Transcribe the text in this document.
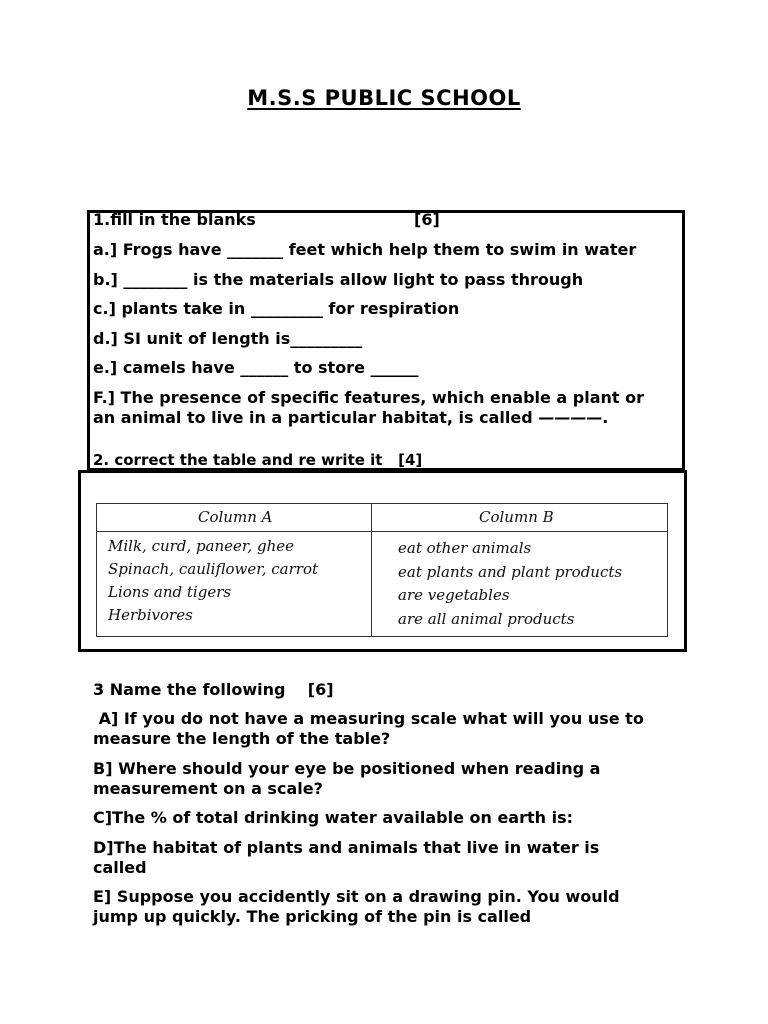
M.S.S PUBLIC SCHOOL
1.fill in the blanks	[6]
a.] Frogs have _______ feet which help them to swim in water
b.] ________ is the materials allow light to pass through
c.] plants take in _________ for respiration
d.] SI unit of length is_________
e.] camels have ______ to store ______
F.] The presence of specific features, which enable a plant or
an animal to live in a particular habitat, is called ————.
2. correct the table and re write it [4]
Column A	Column B
Milk, curd, paneer, ghee
Spinach, cauliflower, carrot
Lions and tigers
Herbivores
eat other animals
eat plants and plant products
are vegetables
are all animal products
3 Name the following [6]
A] If you do not have a measuring scale what will you use to
measure the length of the table?
B] Where should your eye be positioned when reading a
measurement on a scale?
C]The % of total drinking water available on earth is:
D]The habitat of plants and animals that live in water is
called
E] Suppose you accidently sit on a drawing pin. You would
jump up quickly. The pricking of the pin is called
